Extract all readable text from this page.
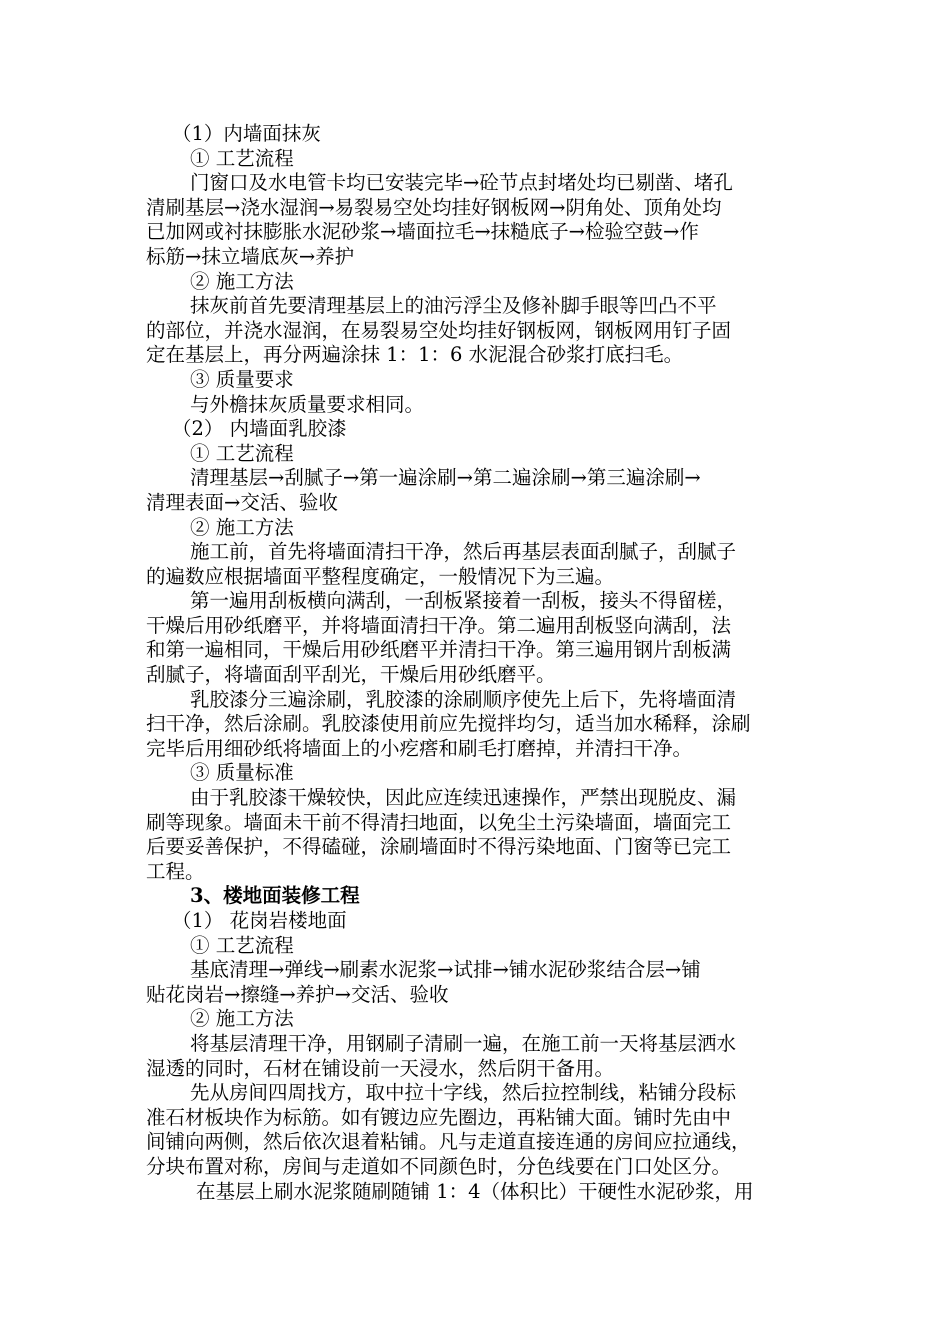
（1）内墙面抹灰
① 工艺流程
门窗口及水电管卡均已安装完毕→砼节点封堵处均已剔凿、堵孔
清刷基层→浇水湿润→易裂易空处均挂好钢板网→阴角处、顶角处均
已加网或衬抹膨胀水泥砂浆→墙面拉毛→抹糙底子→检验空鼓→作
标筋→抹立墙底灰→养护
② 施工方法
抹灰前首先要清理基层上的油污浮尘及修补脚手眼等凹凸不平
的部位，并浇水湿润，在易裂易空处均挂好钢板网，钢板网用钉子固
定在基层上，再分两遍涂抹 1：1：6 水泥混合砂浆打底扫毛。
③ 质量要求
与外檐抹灰质量要求相同。
（2） 内墙面乳胶漆
① 工艺流程
清理基层→刮腻子→第一遍涂刷→第二遍涂刷→第三遍涂刷→
清理表面→交活、验收
② 施工方法
施工前，首先将墙面清扫干净，然后再基层表面刮腻子，刮腻子
的遍数应根据墙面平整程度确定，一般情况下为三遍。
第一遍用刮板横向满刮，一刮板紧接着一刮板，接头不得留槎，
干燥后用砂纸磨平，并将墙面清扫干净。第二遍用刮板竖向满刮，法
和第一遍相同，干燥后用砂纸磨平并清扫干净。第三遍用钢片刮板满
刮腻子，将墙面刮平刮光，干燥后用砂纸磨平。
乳胶漆分三遍涂刷，乳胶漆的涂刷顺序使先上后下，先将墙面清
扫干净，然后涂刷。乳胶漆使用前应先搅拌均匀，适当加水稀释，涂刷
完毕后用细砂纸将墙面上的小疙瘩和刷毛打磨掉，并清扫干净。
③ 质量标准
由于乳胶漆干燥较快，因此应连续迅速操作，严禁出现脱皮、漏
刷等现象。墙面未干前不得清扫地面，以免尘土污染墙面，墙面完工
后要妥善保护，不得磕碰，涂刷墙面时不得污染地面、门窗等已完工
工程。
3、楼地面装修工程
（1） 花岗岩楼地面
① 工艺流程
基底清理→弹线→刷素水泥浆→试排→铺水泥砂浆结合层→铺
贴花岗岩→擦缝→养护→交活、验收
② 施工方法
将基层清理干净，用钢刷子清刷一遍，在施工前一天将基层洒水
湿透的同时，石材在铺设前一天浸水，然后阴干备用。
先从房间四周找方，取中拉十字线，然后拉控制线，粘铺分段标
准石材板块作为标筋。如有镀边应先圈边，再粘铺大面。铺时先由中
间铺向两侧，然后依次退着粘铺。凡与走道直接连通的房间应拉通线，
分块布置对称，房间与走道如不同颜色时，分色线要在门口处区分。
在基层上刷水泥浆随刷随铺 1：4（体积比）干硬性水泥砂浆，用
